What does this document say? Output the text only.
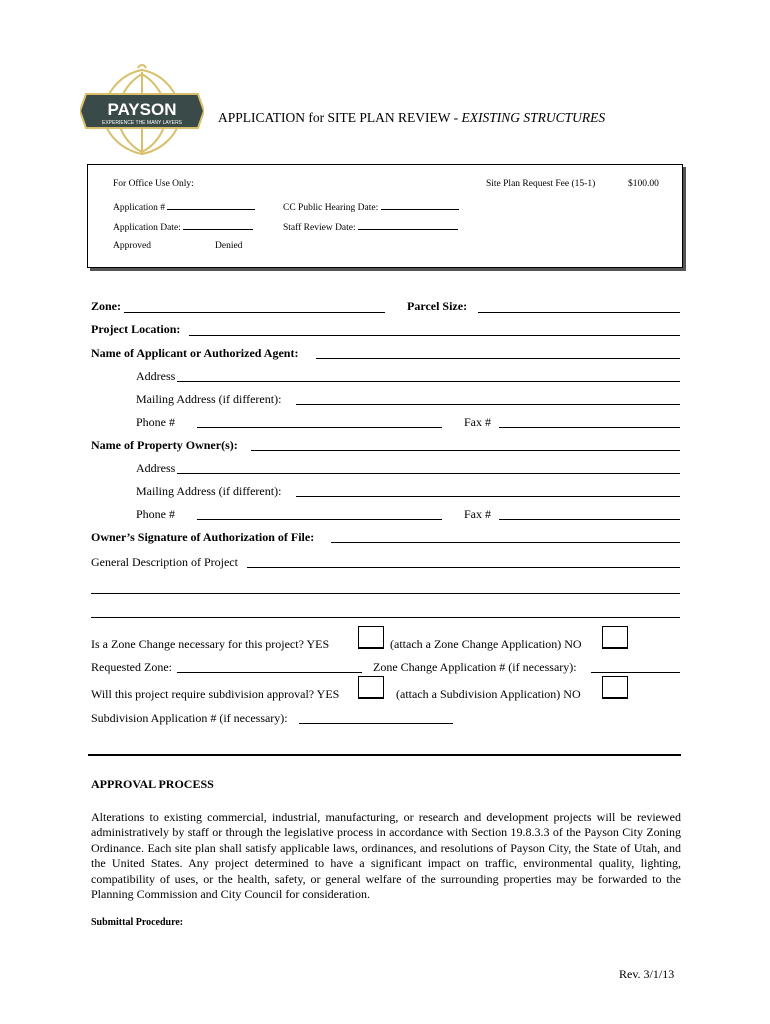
PAYSON
EXPERIENCE THE MANY LAYERS	APPLICATION for SITE PLAN REVIEW - EXISTING STRUCTURES
For Office Use Only:	Site Plan Request Fee (15-1)	$100.00
Application #	CC Public Hearing Date:
Application Date:	Staff Review Date:
Approved	Denied
Zone:	Parcel Size:
Project Location:
Name of Applicant or Authorized Agent:
Address
Mailing Address (if different):
Phone #	Fax #
Name of Property Owner(s):
Address
Mailing Address (if different):
Phone #	Fax #
Owner’s Signature of Authorization of File:
General Description of Project
Is a Zone Change necessary for this project? YES	(attach a Zone Change Application) NO
Requested Zone:	Zone Change Application # (if necessary):
Will this project require subdivision approval? YES	(attach a Subdivision Application) NO
Subdivision Application # (if necessary):
APPROVAL PROCESS
Alterations to existing commercial, industrial, manufacturing, or research and development projects will be reviewed administratively by staff or through the legislative process in accordance with Section 19.8.3.3 of the Payson City Zoning Ordinance. Each site plan shall satisfy applicable laws, ordinances, and resolutions of Payson City, the State of Utah, and the United States. Any project determined to have a significant impact on traffic, environmental quality, lighting, compatibility of uses, or the health, safety, or general welfare of the surrounding properties may be forwarded to the Planning Commission and City Council for consideration.
Submittal Procedure:
Rev. 3/1/13
